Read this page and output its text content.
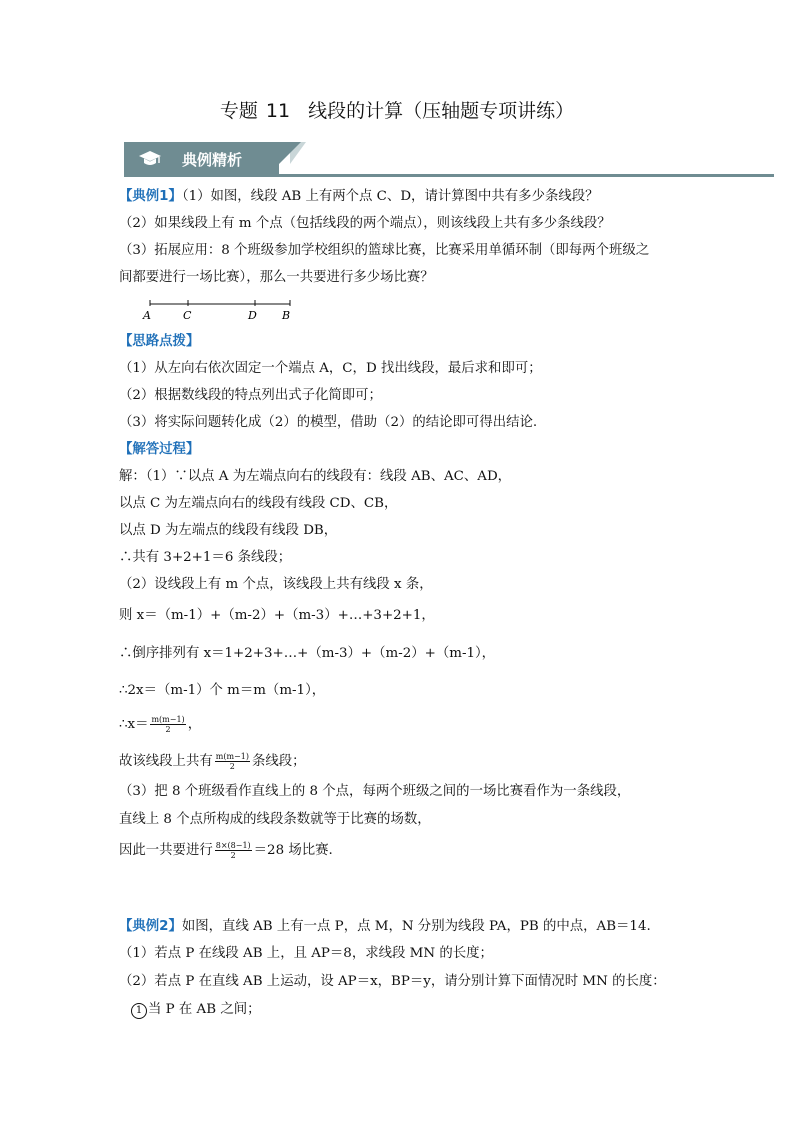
专题 11 线段的计算（压轴题专项讲练）
典例精析
【典例1】（1）如图，线段 AB 上有两个点 C、D，请计算图中共有多少条线段？
（2）如果线段上有 m 个点（包括线段的两个端点），则该线段上共有多少条线段？
（3）拓展应用：8 个班级参加学校组织的篮球比赛，比赛采用单循环制（即每两个班级之
间都要进行一场比赛），那么一共要进行多少场比赛？
A	C	D B
【思路点拨】
（1）从左向右依次固定一个端点 A，C，D 找出线段，最后求和即可；
（2）根据数线段的特点列出式子化简即可；
（3）将实际问题转化成（2）的模型，借助（2）的结论即可得出结论.
【解答过程】
解：（1）∵以点 A 为左端点向右的线段有：线段 AB、AC、AD，
以点 C 为左端点向右的线段有线段 CD、CB，
以点 D 为左端点的线段有线段 DB，
∴共有 3+2+1＝6 条线段；
（2）设线段上有 m 个点，该线段上共有线段 x 条，
则 x＝（m-1）+（m-2）+（m-3）+…+3+2+1，
∴倒序排列有 x＝1+2+3+…+（m-3）+（m-2）+（m-1），
∴2x＝（m-1）个 m＝m（m-1），
∴x＝ $\frac{m(m-1)}{2}$ ，
故该线段上共有 $\frac{m(m-1)}{2}$ 条线段；
（3）把 8 个班级看作直线上的 8 个点，每两个班级之间的一场比赛看作为一条线段，
直线上 8 个点所构成的线段条数就等于比赛的场数，
因此一共要进行 $\frac{8\times(8-1)}{2} =28$ 场比赛.
【典例2】如图，直线 AB 上有一点 P，点 M，N 分别为线段 PA，PB 的中点，AB＝14.
（1）若点 P 在线段 AB 上，且 AP＝8，求线段 MN 的长度；
（2）若点 P 在直线 AB 上运动，设 AP＝x，BP＝y，请分别计算下面情况时 MN 的长度：
1 当 P 在 AB 之间；
